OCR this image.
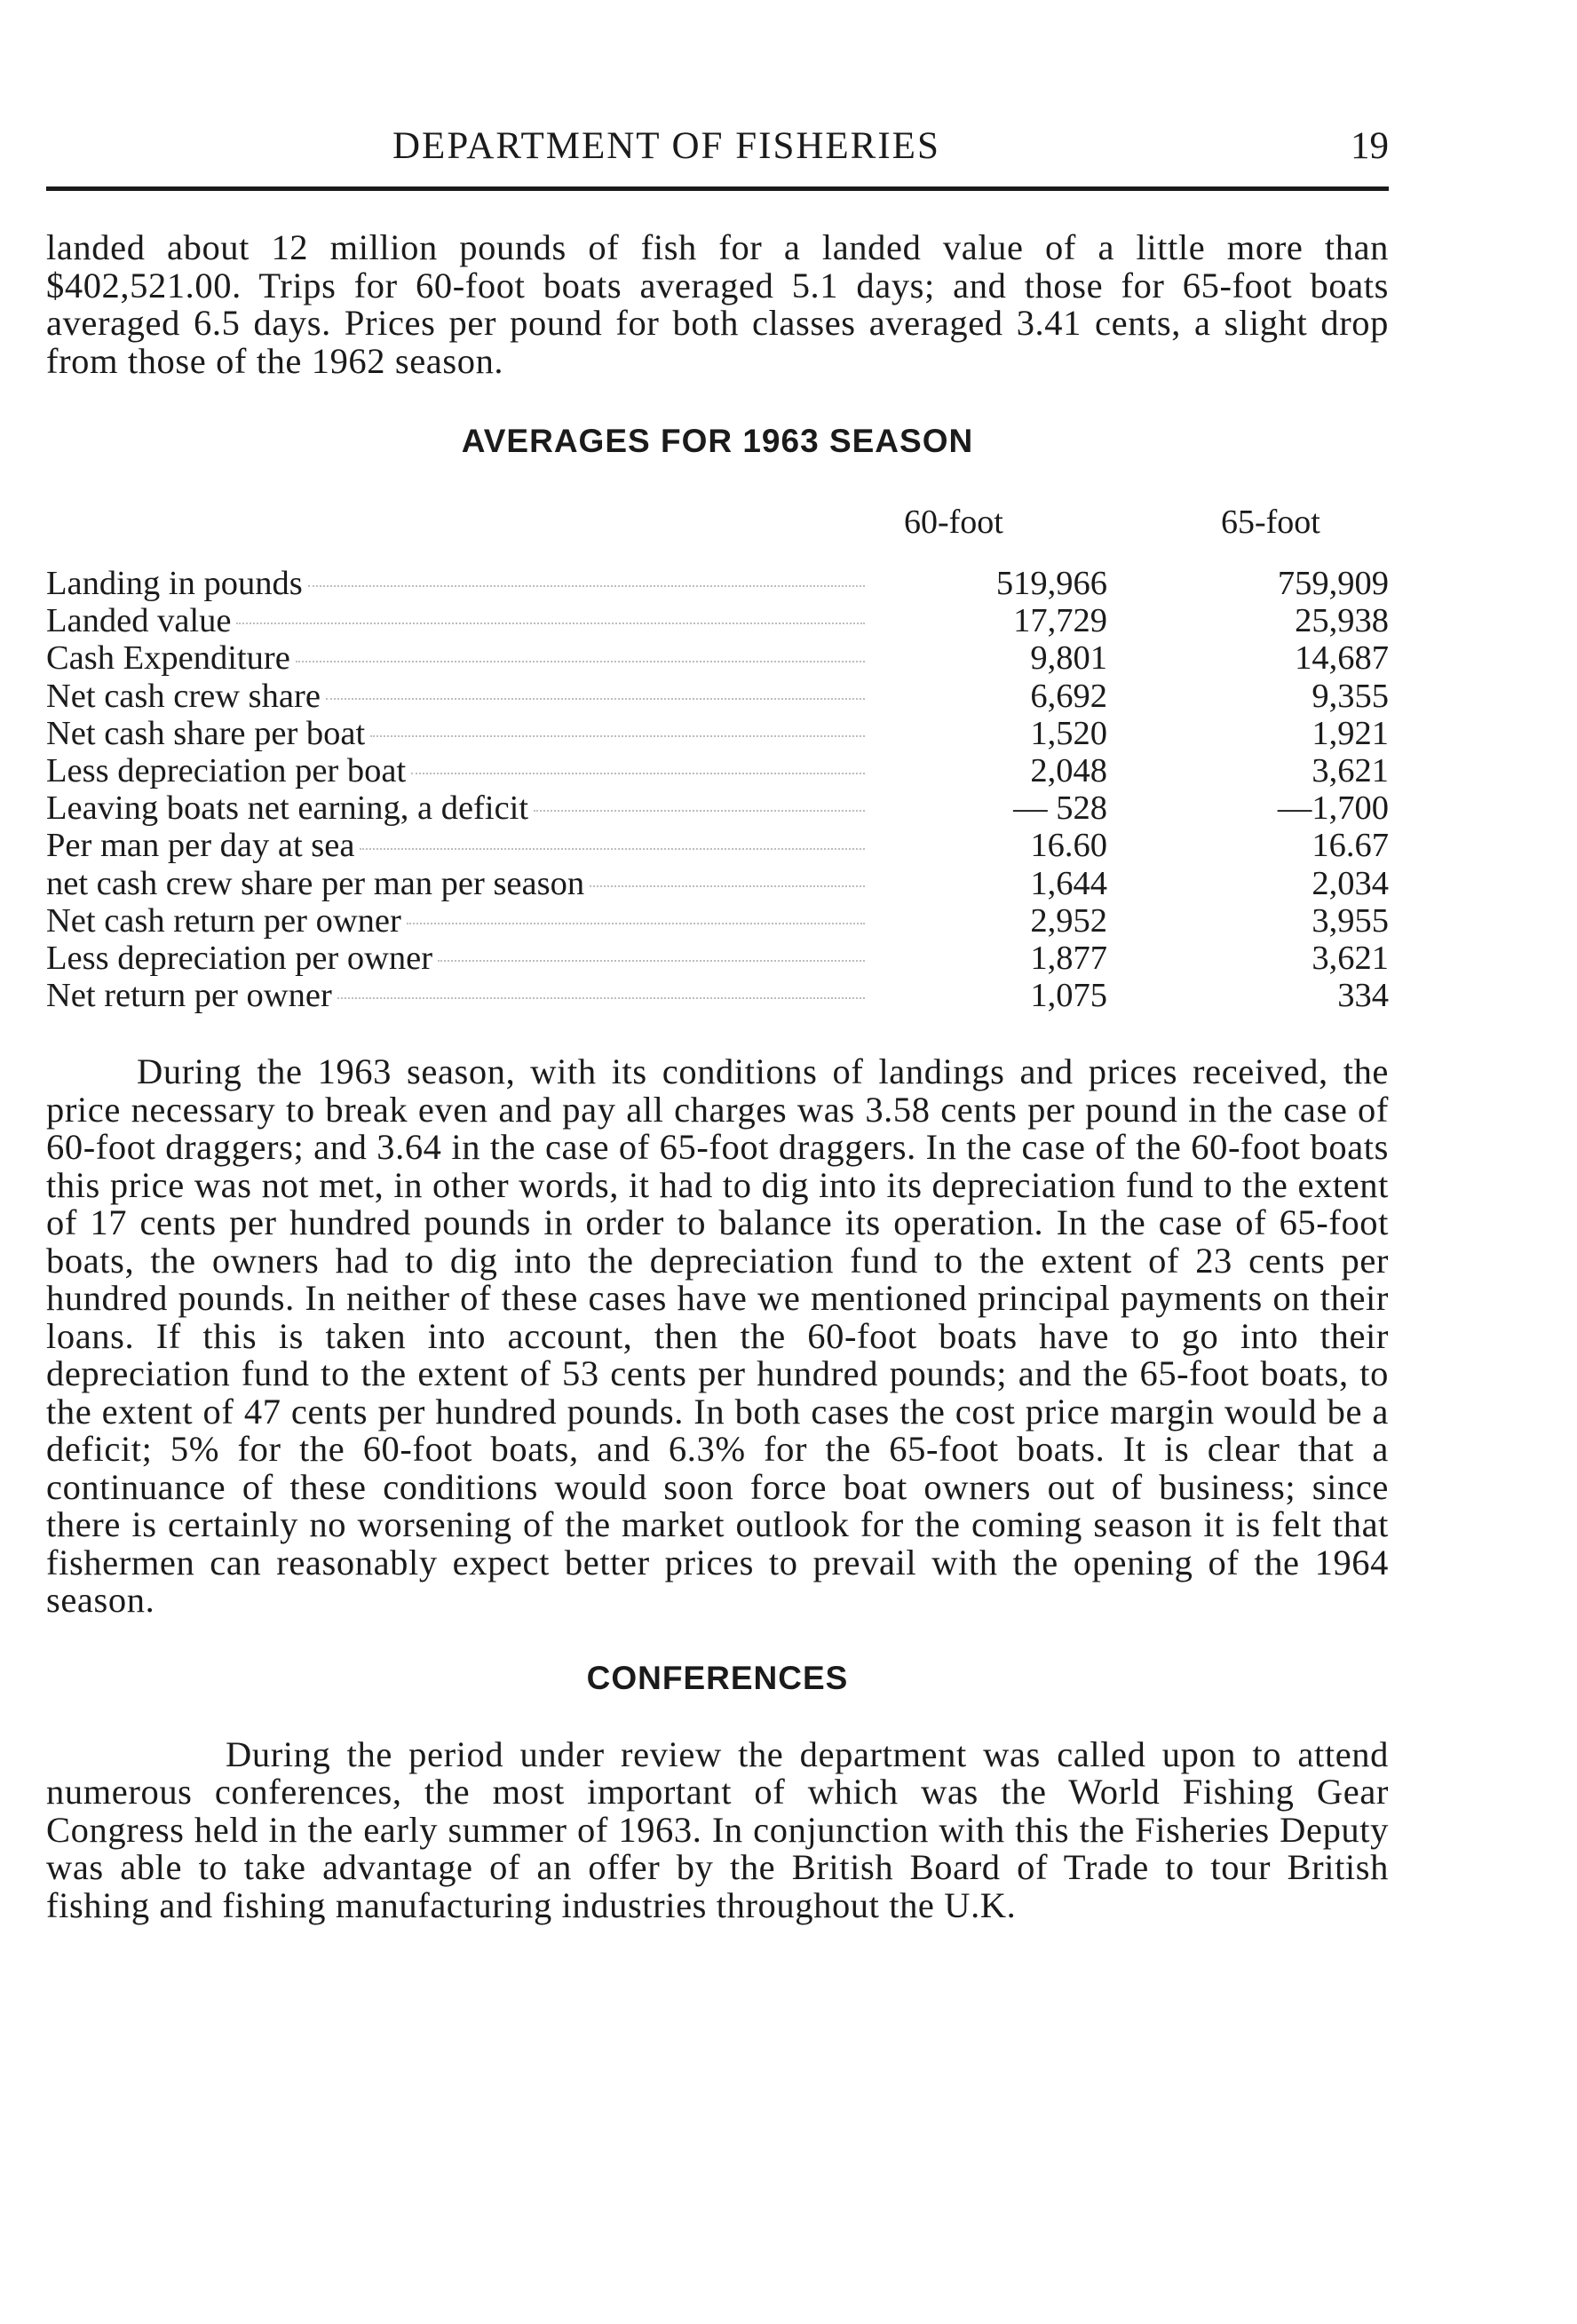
DEPARTMENT OF FISHERIES	19

landed about 12 million pounds of fish for a landed value of a little more than $402,521.00. Trips for 60-foot boats averaged 5.1 days; and those for 65-foot boats averaged 6.5 days. Prices per pound for both classes averaged 3.41 cents, a slight drop from those of the 1962 season.

AVERAGES FOR 1963 SEASON
60-foot	65-foot
Landing in pounds	519,966	759,909
Landed value	17,729	25,938
Cash Expenditure	9,801	14,687
Net cash crew share	6,692	9,355
Net cash share per boat	1,520	1,921
Less depreciation per boat	2,048	3,621
Leaving boats net earning, a deficit	— 528	—1,700
Per man per day at sea	16.60	16.67
net cash crew share per man per season	1,644	2,034
Net cash return per owner	2,952	3,955
Less depreciation per owner	1,877	3,621
Net return per owner	1,075	334

During the 1963 season, with its conditions of landings and prices received, the price necessary to break even and pay all charges was 3.58 cents per pound in the case of 60-foot draggers; and 3.64 in the case of 65-foot draggers. In the case of the 60-foot boats this price was not met, in other words, it had to dig into its depreciation fund to the extent of 17 cents per hundred pounds in order to balance its operation. In the case of 65-foot boats, the owners had to dig into the depreciation fund to the extent of 23 cents per hundred pounds. In neither of these cases have we mentioned principal payments on their loans. If this is taken into account, then the 60-foot boats have to go into their depreciation fund to the extent of 53 cents per hundred pounds; and the 65-foot boats, to the extent of 47 cents per hundred pounds. In both cases the cost price margin would be a deficit; 5% for the 60-foot boats, and 6.3% for the 65-foot boats. It is clear that a continuance of these conditions would soon force boat owners out of business; since there is certainly no worsening of the market outlook for the coming season it is felt that fishermen can reasonably expect better prices to prevail with the opening of the 1964 season.

CONFERENCES

During the period under review the department was called upon to attend numerous conferences, the most important of which was the World Fishing Gear Congress held in the early summer of 1963. In conjunction with this the Fisheries Deputy was able to take advantage of an offer by the British Board of Trade to tour British fishing and fishing manufacturing industries throughout the U.K.
